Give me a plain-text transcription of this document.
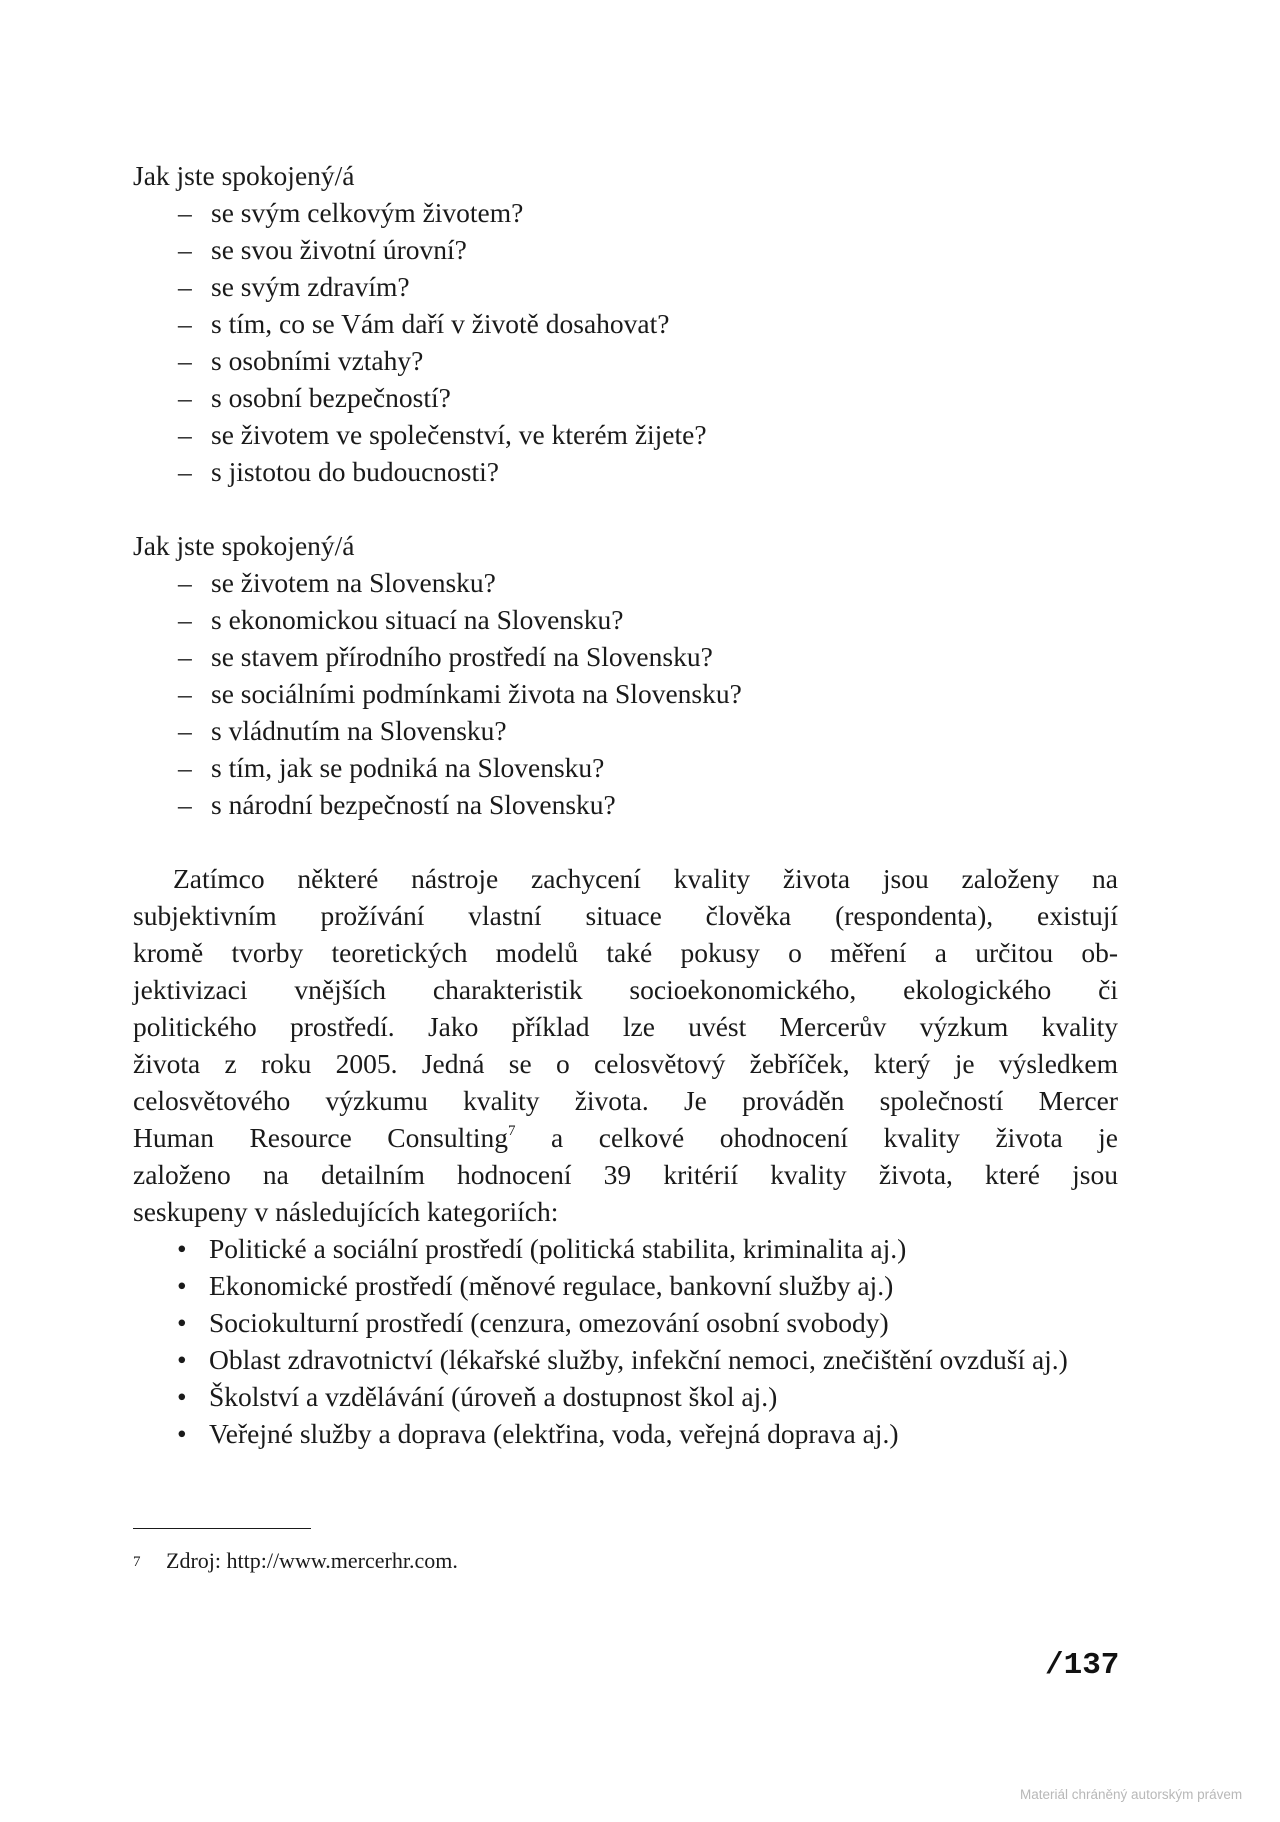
Jak jste spokojený/á

– se svým celkovým životem?
– se svou životní úrovní?
– se svým zdravím?
– s tím, co se Vám daří v životě dosahovat?
– s osobními vztahy?
– s osobní bezpečností?
– se životem ve společenství, ve kterém žijete?
– s jistotou do budoucnosti?

Jak jste spokojený/á

– se životem na Slovensku?
– s ekonomickou situací na Slovensku?
– se stavem přírodního prostředí na Slovensku?
– se sociálními podmínkami života na Slovensku?
– s vládnutím na Slovensku?
– s tím, jak se podniká na Slovensku?
– s národní bezpečností na Slovensku?
Zatímco některé nástroje zachycení kvality života jsou založeny na
subjektivním prožívání vlastní situace člověka (respondenta), existují
kromě tvorby teoretických modelů také pokusy o měření a určitou ob-
jektivizaci vnějších charakteristik socioekonomického, ekologického či
politického prostředí. Jako příklad lze uvést Mercerův výzkum kvality
života z roku 2005. Jedná se o celosvětový žebříček, který je výsledkem
celosvětového výzkumu kvality života. Je prováděn společností Mercer
Human Resource Consulting$^7$ a celkové ohodnocení kvality života je
založeno na detailním hodnocení 39 kritérií kvality života, které jsou
seskupeny v následujících kategoriích:
• Politické a sociální prostředí (politická stabilita, kriminalita aj.)
• Ekonomické prostředí (měnové regulace, bankovní služby aj.)
• Sociokulturní prostředí (cenzura, omezování osobní svobody)
• Oblast zdravotnictví (lékařské služby, infekční nemoci, znečištění ovzduší aj.)
• Školství a vzdělávání (úroveň a dostupnost škol aj.)
• Veřejné služby a doprava (elektřina, voda, veřejná doprava aj.)
7 Zdroj: http://www.mercerhr.com.
/137
Materiál chráněný autorským právem
